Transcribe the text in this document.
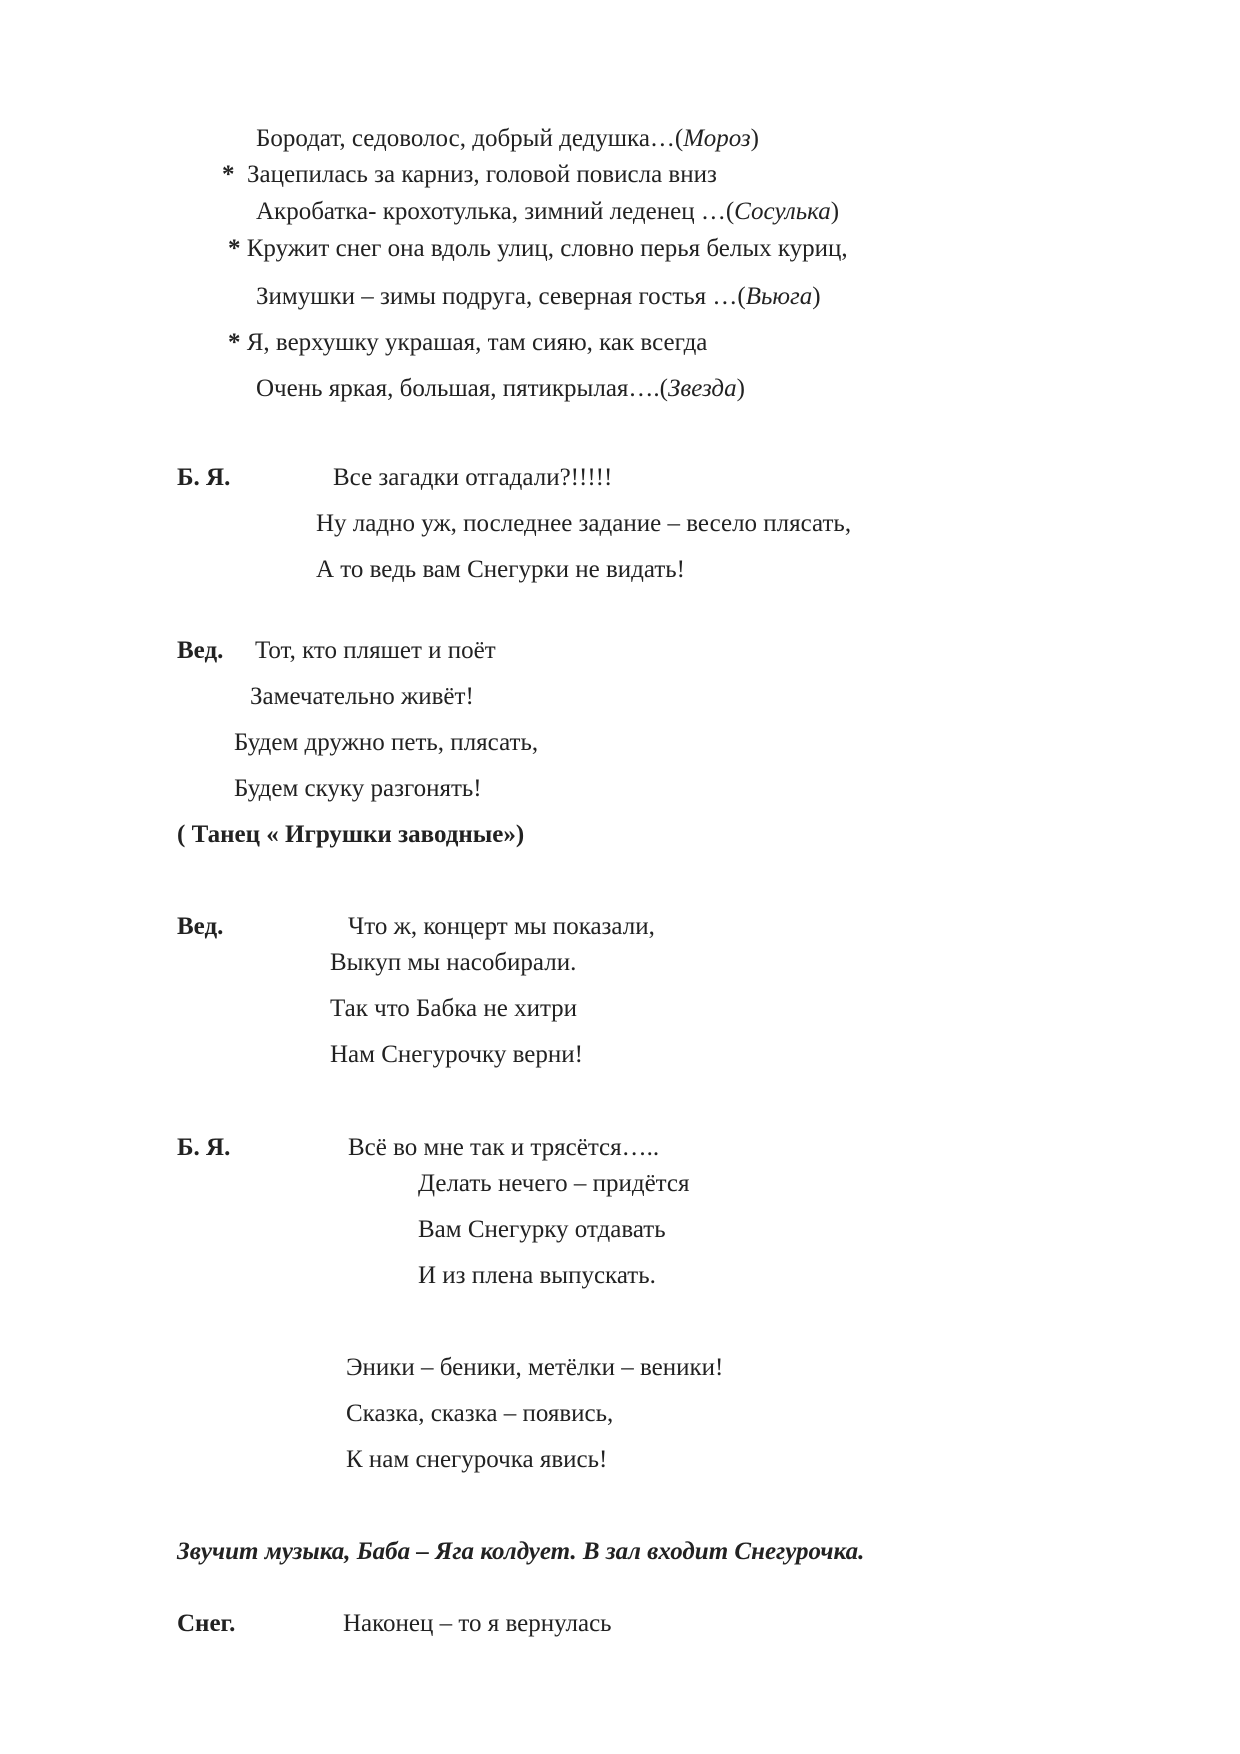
Бородат, седоволос, добрый дедушка…(Мороз)
* Зацепилась за карниз, головой повисла вниз
Акробатка- крохотулька, зимний леденец …(Сосулька)
* Кружит снег она вдоль улиц, словно перья белых куриц,
Зимушки – зимы подруга, северная гостья …(Вьюга)
* Я, верхушку украшая, там сияю, как всегда
Очень яркая, большая, пятикрылая….(Звезда)
Б. Я.	Все загадки отгадали?!!!!!
Ну ладно уж, последнее задание – весело плясать,
А то ведь вам Снегурки не видать!
Вед. Тот, кто пляшет и поёт
Замечательно живёт!
Будем дружно петь, плясать,
Будем скуку разгонять!
( Танец « Игрушки заводные»)
Вед.	Что ж, концерт мы показали,
Выкуп мы насобирали.
Так что Бабка не хитри
Нам Снегурочку верни!
Б. Я.	Всё во мне так и трясётся…..
Делать нечего – придётся
Вам Снегурку отдавать
И из плена выпускать.
Эники – беники, метёлки – веники!
Сказка, сказка – появись,
К нам снегурочка явись!
Звучит музыка, Баба – Яга колдует. В зал входит Снегурочка.
Снег.	Наконец – то я вернулась
